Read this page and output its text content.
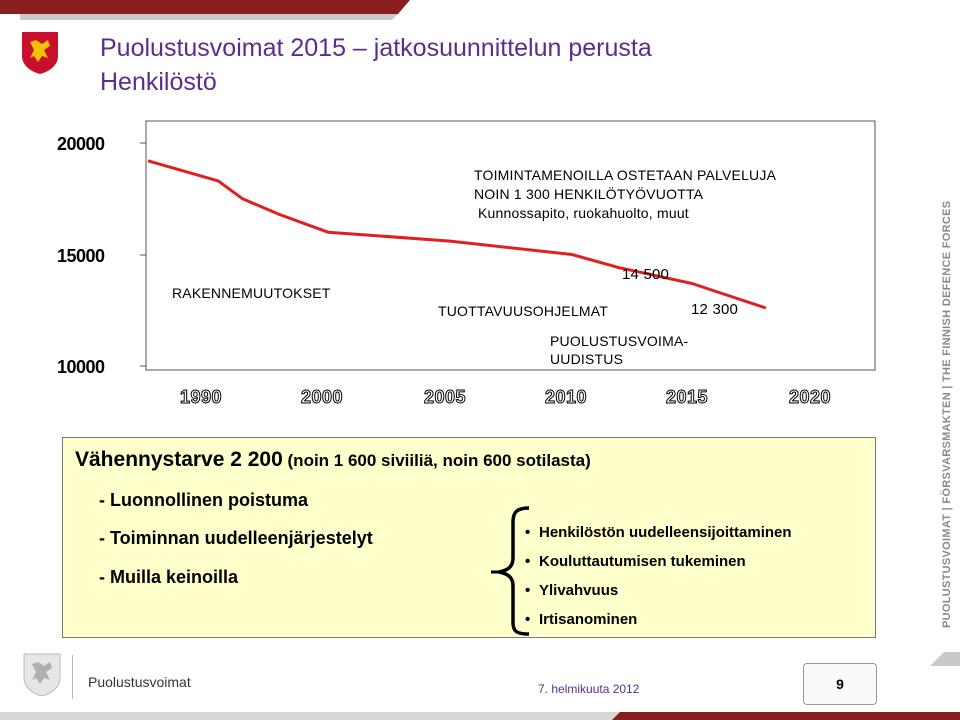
Puolustusvoimat 2015 – jatkosuunnittelun perusta
Henkilöstö
20000
15000
10000
TOIMINTAMENOILLA OSTETAAN PALVELUJA
NOIN 1 300 HENKILÖTYÖVUOTTA
Kunnossapito, ruokahuolto, muut
14 500
RAKENNEMUUTOKSET
TUOTTAVUUSOHJELMAT	12 300
PUOLUSTUSVOIMA-
UUDISTUS
1990	2000	2005	2010	2015	2020
Vähennystarve 2 200 (noin 1 600 siviiliä, noin 600 sotilasta)
- Luonnollinen poistuma
- Toiminnan uudelleenjärjestelyt
- Muilla keinoilla
• Henkilöstön uudelleensijoittaminen
• Kouluttautumisen tukeminen
• Ylivahvuus
• Irtisanominen	PUOLUSTUSVOIMAT | FÖRSVARSMAKTEN | THE FINNISH DEFENCE FORCES
Puolustusvoimat	7. helmikuuta 2012	9
